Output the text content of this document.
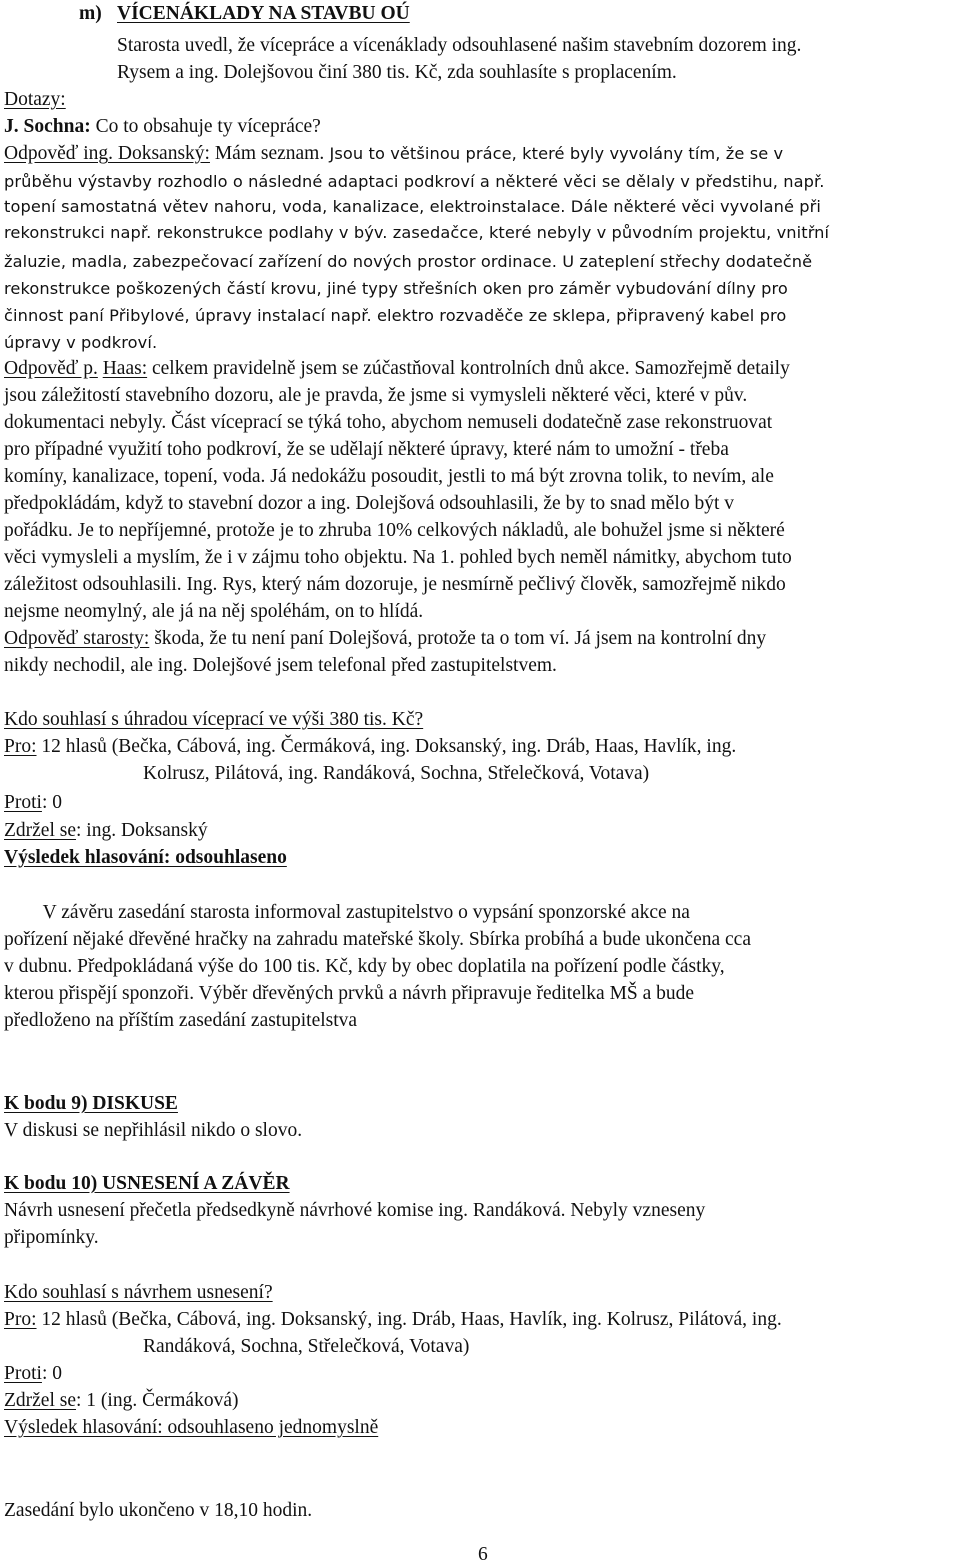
m) VÍCENÁKLADY NA STAVBU OÚ
Starosta uvedl, že vícepráce a vícenáklady odsouhlasené našim stavebním dozorem ing.
Rysem a ing. Dolejšovou činí 380 tis. Kč, zda souhlasíte s proplacením.
Dotazy:
J. Sochna: Co to obsahuje ty vícepráce?
Odpověď ing. Doksanský: Mám seznam. Jsou to většinou práce, které byly vyvolány tím, že se v
průběhu výstavby rozhodlo o následné adaptaci podkroví a některé věci se dělaly v předstihu, např.
topení samostatná větev nahoru, voda, kanalizace, elektroinstalace. Dále některé věci vyvolané při
rekonstrukci např. rekonstrukce podlahy v býv. zasedačce, které nebyly v původním projektu, vnitřní
žaluzie, madla, zabezpečovací zařízení do nových prostor ordinace. U zateplení střechy dodatečně
rekonstrukce poškozených částí krovu, jiné typy střešních oken pro záměr vybudování dílny pro
činnost paní Přibylové, úpravy instalací např. elektro rozvaděče ze sklepa, připravený kabel pro
úpravy v podkroví.
Odpověď p. Haas: celkem pravidelně jsem se zúčastňoval kontrolních dnů akce. Samozřejmě detaily
jsou záležitostí stavebního dozoru, ale je pravda, že jsme si vymysleli některé věci, které v pův.
dokumentaci nebyly. Část víceprací se týká toho, abychom nemuseli dodatečně zase rekonstruovat
pro případné využití toho podkroví, že se udělají některé úpravy, které nám to umožní - třeba
komíny, kanalizace, topení, voda. Já nedokážu posoudit, jestli to má být zrovna tolik, to nevím, ale
předpokládám, když to stavební dozor a ing. Dolejšová odsouhlasili, že by to snad mělo být v
pořádku. Je to nepříjemné, protože je to zhruba 10% celkových nákladů, ale bohužel jsme si některé
věci vymysleli a myslím, že i v zájmu toho objektu. Na 1. pohled bych neměl námitky, abychom tuto
záležitost odsouhlasili. Ing. Rys, který nám dozoruje, je nesmírně pečlivý člověk, samozřejmě nikdo
nejsme neomylný, ale já na něj spoléhám, on to hlídá.
Odpověď starosty: škoda, že tu není paní Dolejšová, protože ta o tom ví. Já jsem na kontrolní dny
nikdy nechodil, ale ing. Dolejšové jsem telefonal před zastupitelstvem.
Kdo souhlasí s úhradou víceprací ve výši 380 tis. Kč?
Pro: 12 hlasů (Bečka, Cábová, ing. Čermáková, ing. Doksanský, ing. Dráb, Haas, Havlík, ing.
Kolrusz, Pilátová, ing. Randáková, Sochna, Střelečková, Votava)
Proti: 0
Zdržel se: ing. Doksanský
Výsledek hlasování: odsouhlaseno
V závěru zasedání starosta informoval zastupitelstvo o vypsání sponzorské akce na
pořízení nějaké dřevěné hračky na zahradu mateřské školy. Sbírka probíhá a bude ukončena cca
v dubnu. Předpokládaná výše do 100 tis. Kč, kdy by obec doplatila na pořízení podle částky,
kterou přispějí sponzoři. Výběr dřevěných prvků a návrh připravuje ředitelka MŠ a bude
předloženo na příštím zasedání zastupitelstva
K bodu 9) DISKUSE
V diskusi se nepřihlásil nikdo o slovo.
K bodu 10) USNESENÍ A ZÁVĚR
Návrh usnesení přečetla předsedkyně návrhové komise ing. Randáková. Nebyly vzneseny
připomínky.
Kdo souhlasí s návrhem usnesení?
Pro: 12 hlasů (Bečka, Cábová, ing. Doksanský, ing. Dráb, Haas, Havlík, ing. Kolrusz, Pilátová, ing.
Randáková, Sochna, Střelečková, Votava)
Proti: 0
Zdržel se: 1 (ing. Čermáková)
Výsledek hlasování: odsouhlaseno jednomyslně
Zasedání bylo ukončeno v 18,10 hodin.
6
